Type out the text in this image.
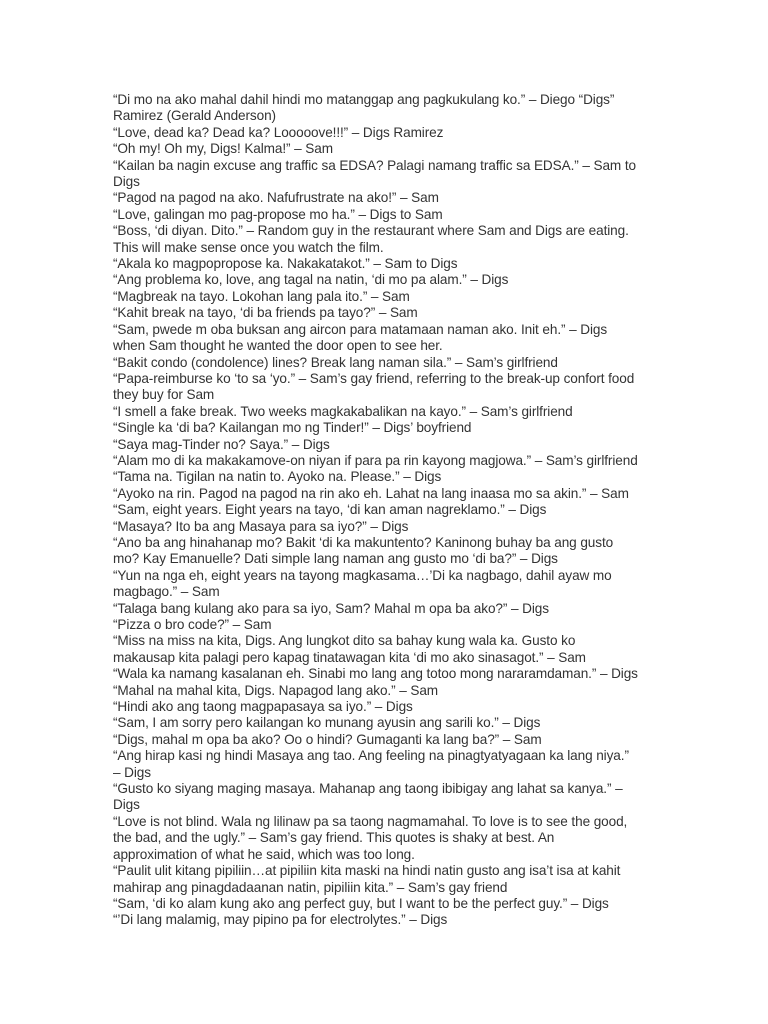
“Di mo na ako mahal dahil hindi mo matanggap ang pagkukulang ko.” – Diego “Digs”
Ramirez (Gerald Anderson)
“Love, dead ka? Dead ka? Looooove!!!” – Digs Ramirez
“Oh my! Oh my, Digs! Kalma!” – Sam
“Kailan ba nagin excuse ang traffic sa EDSA? Palagi namang traffic sa EDSA.” – Sam to
Digs
“Pagod na pagod na ako. Nafufrustrate na ako!” – Sam
“Love, galingan mo pag-propose mo ha.” – Digs to Sam
“Boss, ‘di diyan. Dito.” – Random guy in the restaurant where Sam and Digs are eating.
This will make sense once you watch the film.
“Akala ko magpopropose ka. Nakakatakot.” – Sam to Digs
“Ang problema ko, love, ang tagal na natin, ‘di mo pa alam.” – Digs
“Magbreak na tayo. Lokohan lang pala ito.” – Sam
“Kahit break na tayo, ‘di ba friends pa tayo?” – Sam
“Sam, pwede m oba buksan ang aircon para matamaan naman ako. Init eh.” – Digs
when Sam thought he wanted the door open to see her.
“Bakit condo (condolence) lines? Break lang naman sila.” – Sam’s girlfriend
“Papa-reimburse ko ‘to sa ‘yo.” – Sam’s gay friend, referring to the break-up confort food
they buy for Sam
“I smell a fake break. Two weeks magkakabalikan na kayo.” – Sam’s girlfriend
“Single ka ‘di ba? Kailangan mo ng Tinder!” – Digs’ boyfriend
“Saya mag-Tinder no? Saya.” – Digs
“Alam mo di ka makakamove-on niyan if para pa rin kayong magjowa.” – Sam’s girlfriend
“Tama na. Tigilan na natin to. Ayoko na. Please.” – Digs
“Ayoko na rin. Pagod na pagod na rin ako eh. Lahat na lang inaasa mo sa akin.” – Sam
“Sam, eight years. Eight years na tayo, ‘di kan aman nagreklamo.” – Digs
“Masaya? Ito ba ang Masaya para sa iyo?” – Digs
“Ano ba ang hinahanap mo? Bakit ‘di ka makuntento? Kaninong buhay ba ang gusto
mo? Kay Emanuelle? Dati simple lang naman ang gusto mo ‘di ba?” – Digs
“Yun na nga eh, eight years na tayong magkasama…’Di ka nagbago, dahil ayaw mo
magbago.” – Sam
“Talaga bang kulang ako para sa iyo, Sam? Mahal m opa ba ako?” – Digs
“Pizza o bro code?” – Sam
“Miss na miss na kita, Digs. Ang lungkot dito sa bahay kung wala ka. Gusto ko
makausap kita palagi pero kapag tinatawagan kita ‘di mo ako sinasagot.” – Sam
“Wala ka namang kasalanan eh. Sinabi mo lang ang totoo mong nararamdaman.” – Digs
“Mahal na mahal kita, Digs. Napagod lang ako.” – Sam
“Hindi ako ang taong magpapasaya sa iyo.” – Digs
“Sam, I am sorry pero kailangan ko munang ayusin ang sarili ko.” – Digs
“Digs, mahal m opa ba ako? Oo o hindi? Gumaganti ka lang ba?” – Sam
“Ang hirap kasi ng hindi Masaya ang tao. Ang feeling na pinagtyatyagaan ka lang niya.”
– Digs
“Gusto ko siyang maging masaya. Mahanap ang taong ibibigay ang lahat sa kanya.” –
Digs
“Love is not blind. Wala ng lilinaw pa sa taong nagmamahal. To love is to see the good,
the bad, and the ugly.” – Sam’s gay friend. This quotes is shaky at best. An
approximation of what he said, which was too long.
“Paulit ulit kitang pipiliin…at pipiliin kita maski na hindi natin gusto ang isa’t isa at kahit
mahirap ang pinagdadaanan natin, pipiliin kita.” – Sam’s gay friend
“Sam, ‘di ko alam kung ako ang perfect guy, but I want to be the perfect guy.” – Digs
“’Di lang malamig, may pipino pa for electrolytes.” – Digs
